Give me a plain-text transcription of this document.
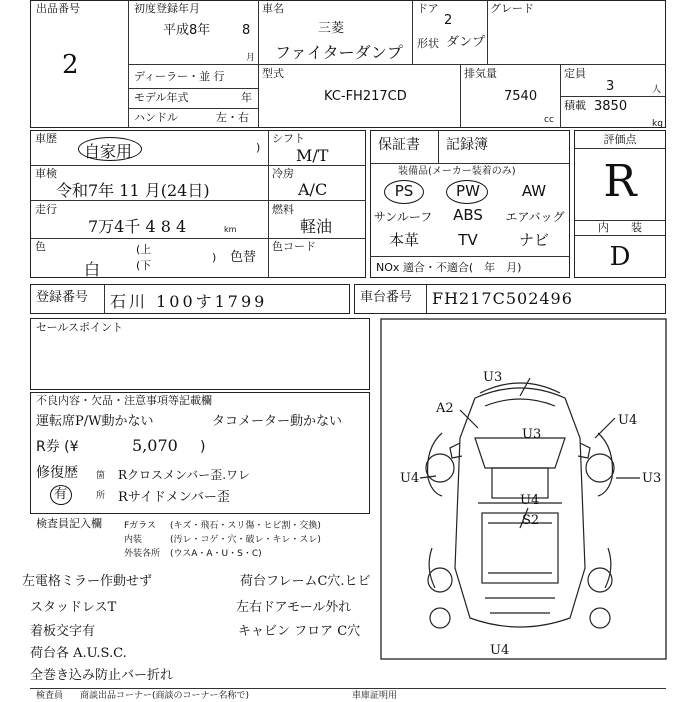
出品番号
2
初度登録年月
平成8年 8
月
車名
三菱
ファイターダンプ
ドア
2
形状 ダンプ
グレード
ディーラー・並 行
モデル年式	年
ハンドル	左・右
型式
KC-FH217CD
排気量
7540
cc
定員
3	人
積載 3850
kg
車歴
自家用	)
シフト
M/T
車検
令和7年 11 月(24日)
冷房
A/C
走行
7万4千 4 8 4	km
燃料
軽油
色
白
(上
(下
) 色替
色コード
保証書 記録簿
装備品(メーカー装着のみ)
PS	PW	AW
サンルーフ	ABS	エアバッグ
本革	TV	ナビ
NOx 適合・不適合(　年　月)
評価点
R
内　　装
D
登録番号 石川 100す1799	車台番号 FH217C502496
セールスポイント
不良内容・欠品・注意事項等記載欄
運転席P/W動かない	タコメーター動かない
R券 (¥	5,070 )
修復歴
有
箇
所
Rクロスメンバー歪.ワレ
Rサイドメンバー歪
検査員記入欄 Fガラス (キズ・飛石・スリ傷・ヒビ割・交換)
内装	(汚レ・コゲ・穴・破レ・キレ・スレ)
外装各所 (ウスA・A・U・S・C)
左電格ミラー作動せず
スタッドレスT
着板交字有
荷台各 A.U.S.C.
全巻き込み防止バー折れ
荷台フレームC穴.ヒビ
左右ドアモール外れ
キャビン フロア C穴
U3
A2
U3
U4
U4	U3
U4
S2
U4
検査員 商談出品コーナー(商談のコーナー名称で)	車庫証明用
